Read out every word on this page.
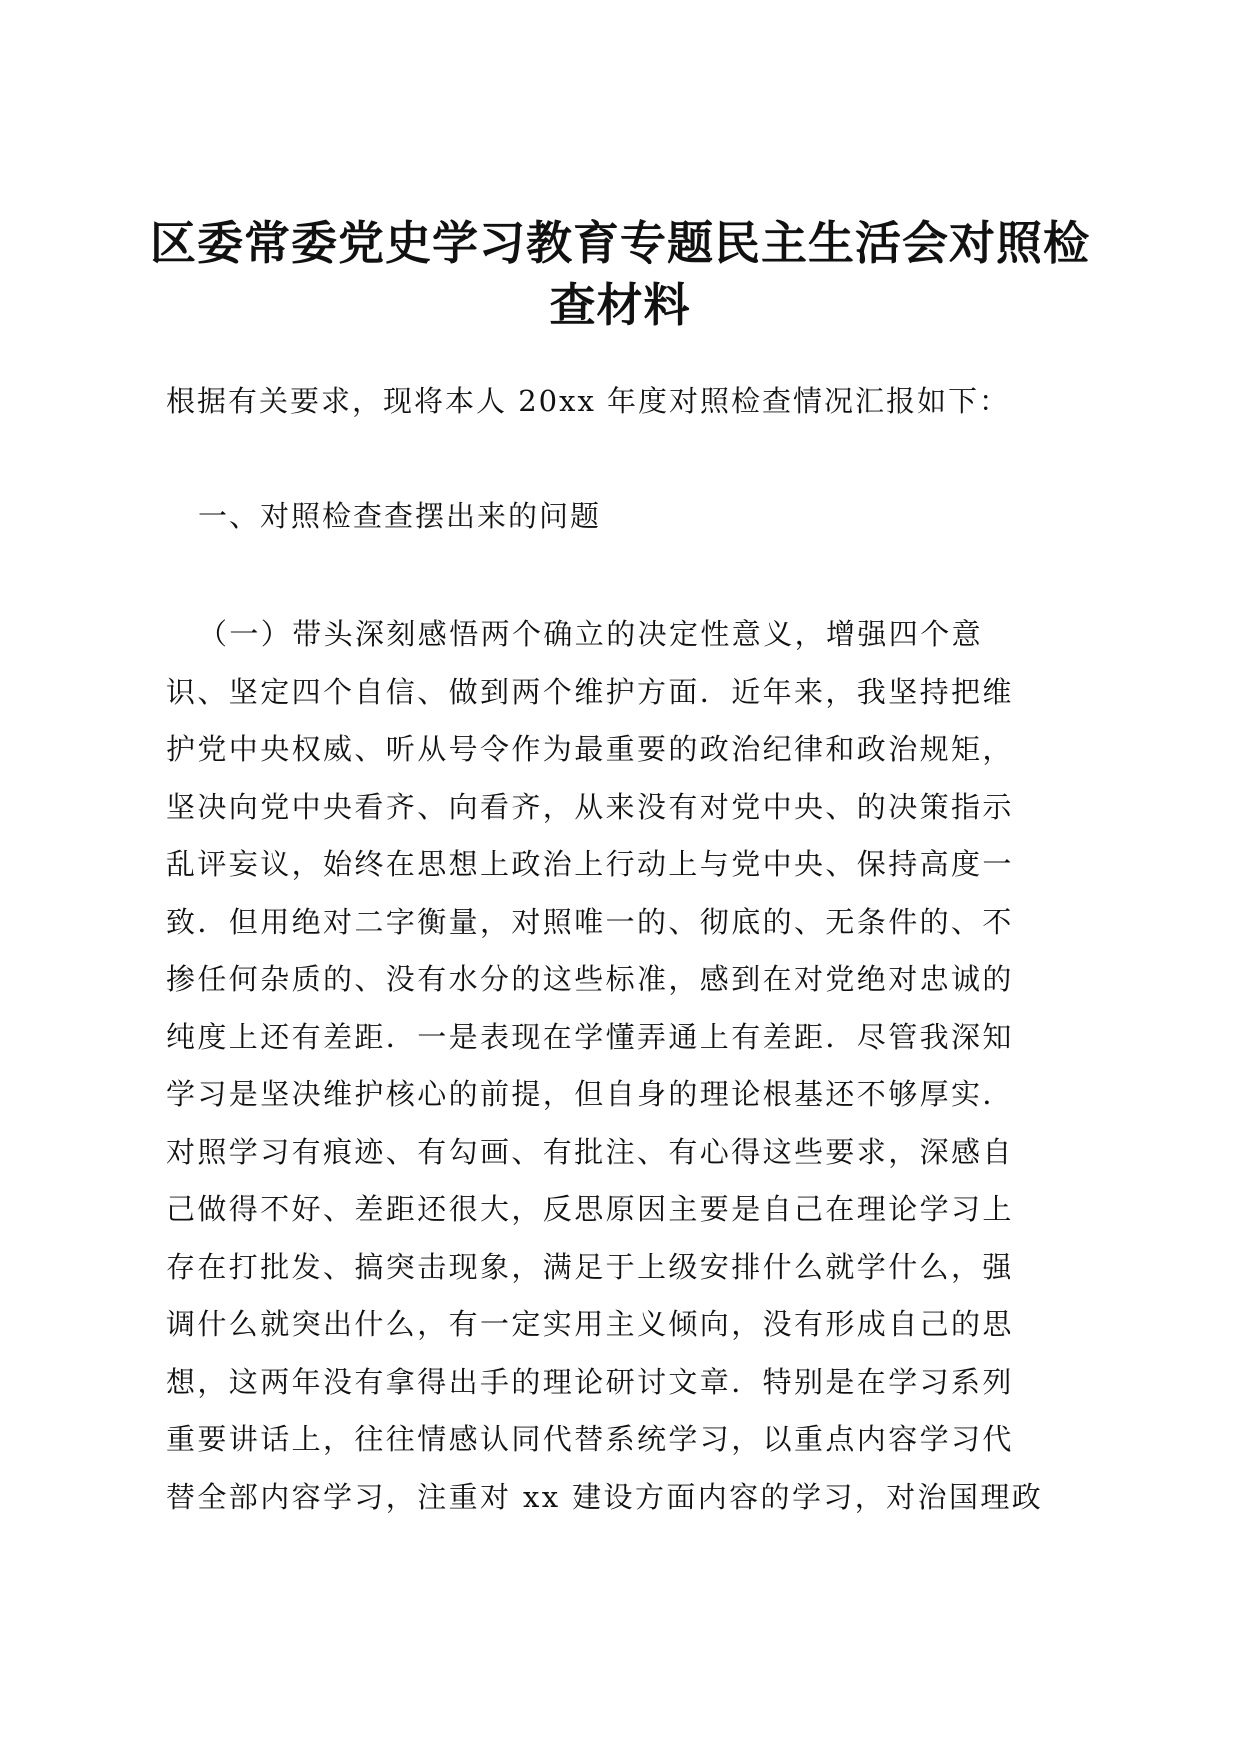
区委常委党史学习教育专题民主生活会对照检
查材料
根据有关要求，现将本人 20xx 年度对照检查情况汇报如下：
一、对照检查查摆出来的问题
（一）带头深刻感悟两个确立的决定性意义，增强四个意
识、坚定四个自信、做到两个维护方面．近年来，我坚持把维
护党中央权威、听从号令作为最重要的政治纪律和政治规矩，
坚决向党中央看齐、向看齐，从来没有对党中央、的决策指示
乱评妄议，始终在思想上政治上行动上与党中央、保持高度一
致．但用绝对二字衡量，对照唯一的、彻底的、无条件的、不
掺任何杂质的、没有水分的这些标准，感到在对党绝对忠诚的
纯度上还有差距．一是表现在学懂弄通上有差距．尽管我深知
学习是坚决维护核心的前提，但自身的理论根基还不够厚实．
对照学习有痕迹、有勾画、有批注、有心得这些要求，深感自
己做得不好、差距还很大，反思原因主要是自己在理论学习上
存在打批发、搞突击现象，满足于上级安排什么就学什么，强
调什么就突出什么，有一定实用主义倾向，没有形成自己的思
想，这两年没有拿得出手的理论研讨文章．特别是在学习系列
重要讲话上，往往情感认同代替系统学习，以重点内容学习代
替全部内容学习，注重对 xx 建设方面内容的学习，对治国理政
